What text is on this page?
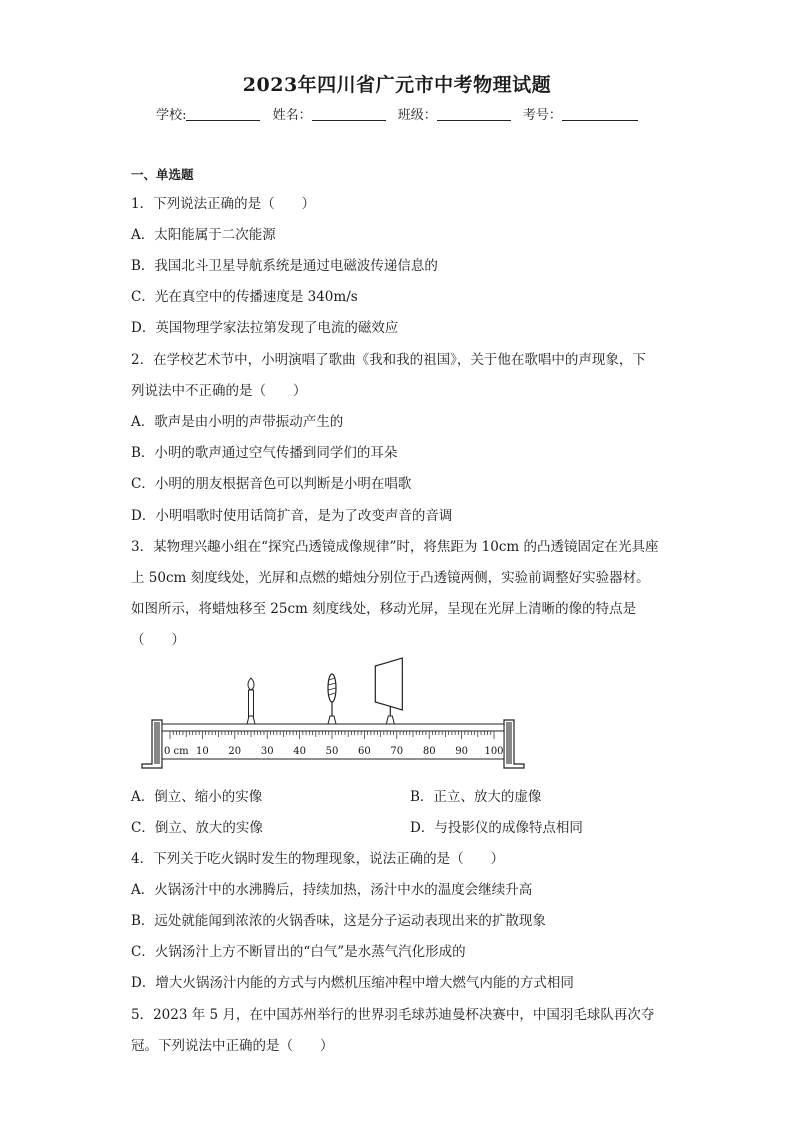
2023年四川省广元市中考物理试题
学校:	姓名：	班级：	考号：
一、单选题
1．下列说法正确的是（　　）
A．太阳能属于二次能源
B．我国北斗卫星导航系统是通过电磁波传递信息的
C．光在真空中的传播速度是 340m/s
D．英国物理学家法拉第发现了电流的磁效应
2．在学校艺术节中，小明演唱了歌曲《我和我的祖国》，关于他在歌唱中的声现象，下
列说法中不正确的是（　　）
A．歌声是由小明的声带振动产生的
B．小明的歌声通过空气传播到同学们的耳朵
C．小明的朋友根据音色可以判断是小明在唱歌
D．小明唱歌时使用话筒扩音，是为了改变声音的音调
3．某物理兴趣小组在“探究凸透镜成像规律”时，将焦距为 10cm 的凸透镜固定在光具座
上 50cm 刻度线处，光屏和点燃的蜡烛分别位于凸透镜两侧，实验前调整好实验器材。
如图所示，将蜡烛移至 25cm 刻度线处，移动光屏，呈现在光屏上清晰的像的特点是
（　　）
0 cm 10 20 30 40 50 60 70 80 90 100
A．倒立、缩小的实像	B．正立、放大的虚像
C．倒立、放大的实像	D．与投影仪的成像特点相同
4．下列关于吃火锅时发生的物理现象，说法正确的是（　　）
A．火锅汤汁中的水沸腾后，持续加热，汤汁中水的温度会继续升高
B．远处就能闻到浓浓的火锅香味，这是分子运动表现出来的扩散现象
C．火锅汤汁上方不断冒出的“白气”是水蒸气汽化形成的
D．增大火锅汤汁内能的方式与内燃机压缩冲程中增大燃气内能的方式相同
5．2023 年 5 月，在中国苏州举行的世界羽毛球苏迪曼杯决赛中，中国羽毛球队再次夺
冠。下列说法中正确的是（　　）
